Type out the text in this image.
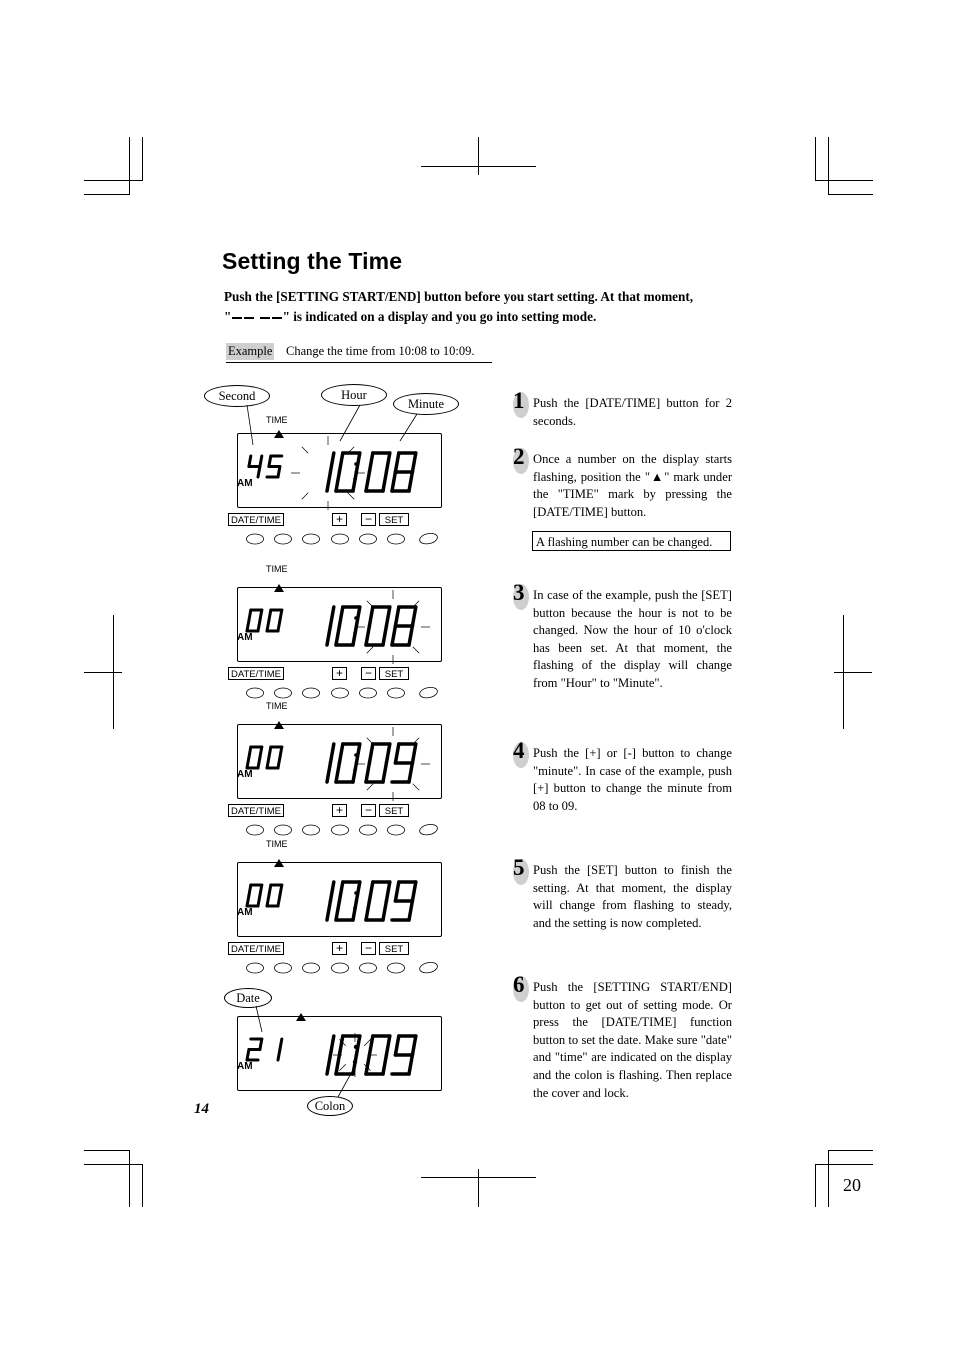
Setting the Time
Push the [SETTING START/END] button before you start setting. At that moment,
"	" is indicated on a display and you go into setting mode.
Example Change the time from 10:08 to 10:09.
TIME
AM
DATE/TIME	+	−	SET
TIME
AM
DATE/TIME	+	−	SET
TIME
AM
DATE/TIME	+	−	SET
TIME
AM
DATE/TIME	+	−	SET
AM
Second	Hour
Minute
Date
Colon
1 Push the [DATE/TIME] button for 2 seconds.
2 Once a number on the display starts flashing, position the "▲" mark under the "TIME" mark by pressing the [DATE/TIME] button.
A flashing number can be changed.
3 In case of the example, push the [SET] button because the hour is not to be changed. Now the hour of 10 o'clock has been set. At that moment, the flashing of the display will change from "Hour" to "Minute".
4 Push the [+] or [-] button to change "minute". In case of the example, push [+] button to change the minute from 08 to 09.
5 Push the [SET] button to finish the setting. At that moment, the display will change from flashing to steady, and the setting is now completed.
6 Push the [SETTING START/END] button to get out of setting mode. Or press the [DATE/TIME] function button to set the date. Make sure "date" and "time" are indicated on the display and the colon is flashing. Then replace the cover and lock.
14
20
